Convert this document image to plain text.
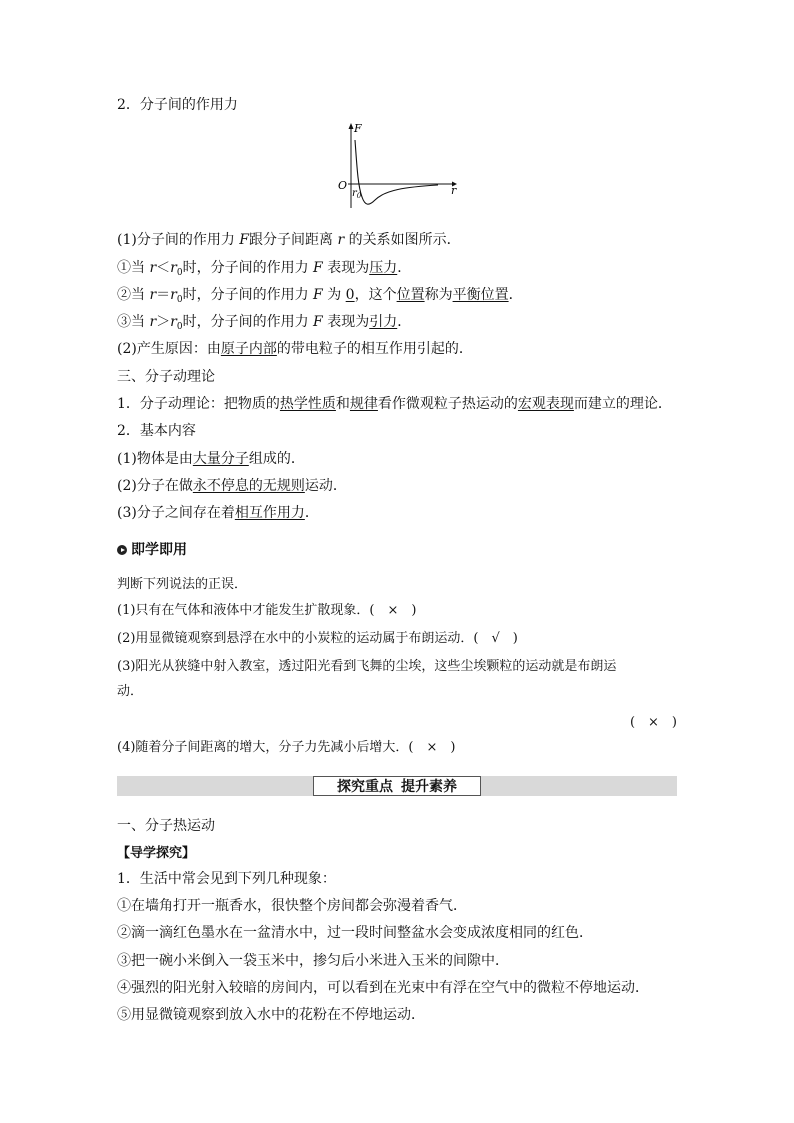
2．分子间的作用力
F
r
O
$r_0$
(1)分子间的作用力 F跟分子间距离 r 的关系如图所示．
①当 $r<r_0$时，分子间的作用力 F 表现为压力．
②当 $r=r_0$时，分子间的作用力 F 为 0，这个位置称为平衡位置．
③当 $r>r_0$时，分子间的作用力 F 表现为引力．
(2)产生原因：由原子内部的带电粒子的相互作用引起的．
三、分子动理论
1．分子动理论：把物质的热学性质和规律看作微观粒子热运动的宏观表现而建立的理论．
2．基本内容
(1)物体是由大量分子组成的．
(2)分子在做永不停息的无规则运动．
(3)分子之间存在着相互作用力．
即学即用
判断下列说法的正误．
(1)只有在气体和液体中才能发生扩散现象．(　×　)
(2)用显微镜观察到悬浮在水中的小炭粒的运动属于布朗运动．(　√　)
(3)阳光从狭缝中射入教室，透过阳光看到飞舞的尘埃，这些尘埃颗粒的运动就是布朗运
动．
(　×　)
(4)随着分子间距离的增大，分子力先减小后增大．(　×　)
探究重点 提升素养
一、分子热运动
【导学探究】
1．生活中常会见到下列几种现象：
①在墙角打开一瓶香水，很快整个房间都会弥漫着香气．
②滴一滴红色墨水在一盆清水中，过一段时间整盆水会变成浓度相同的红色．
③把一碗小米倒入一袋玉米中，掺匀后小米进入玉米的间隙中．
④强烈的阳光射入较暗的房间内，可以看到在光束中有浮在空气中的微粒不停地运动．
⑤用显微镜观察到放入水中的花粉在不停地运动．
